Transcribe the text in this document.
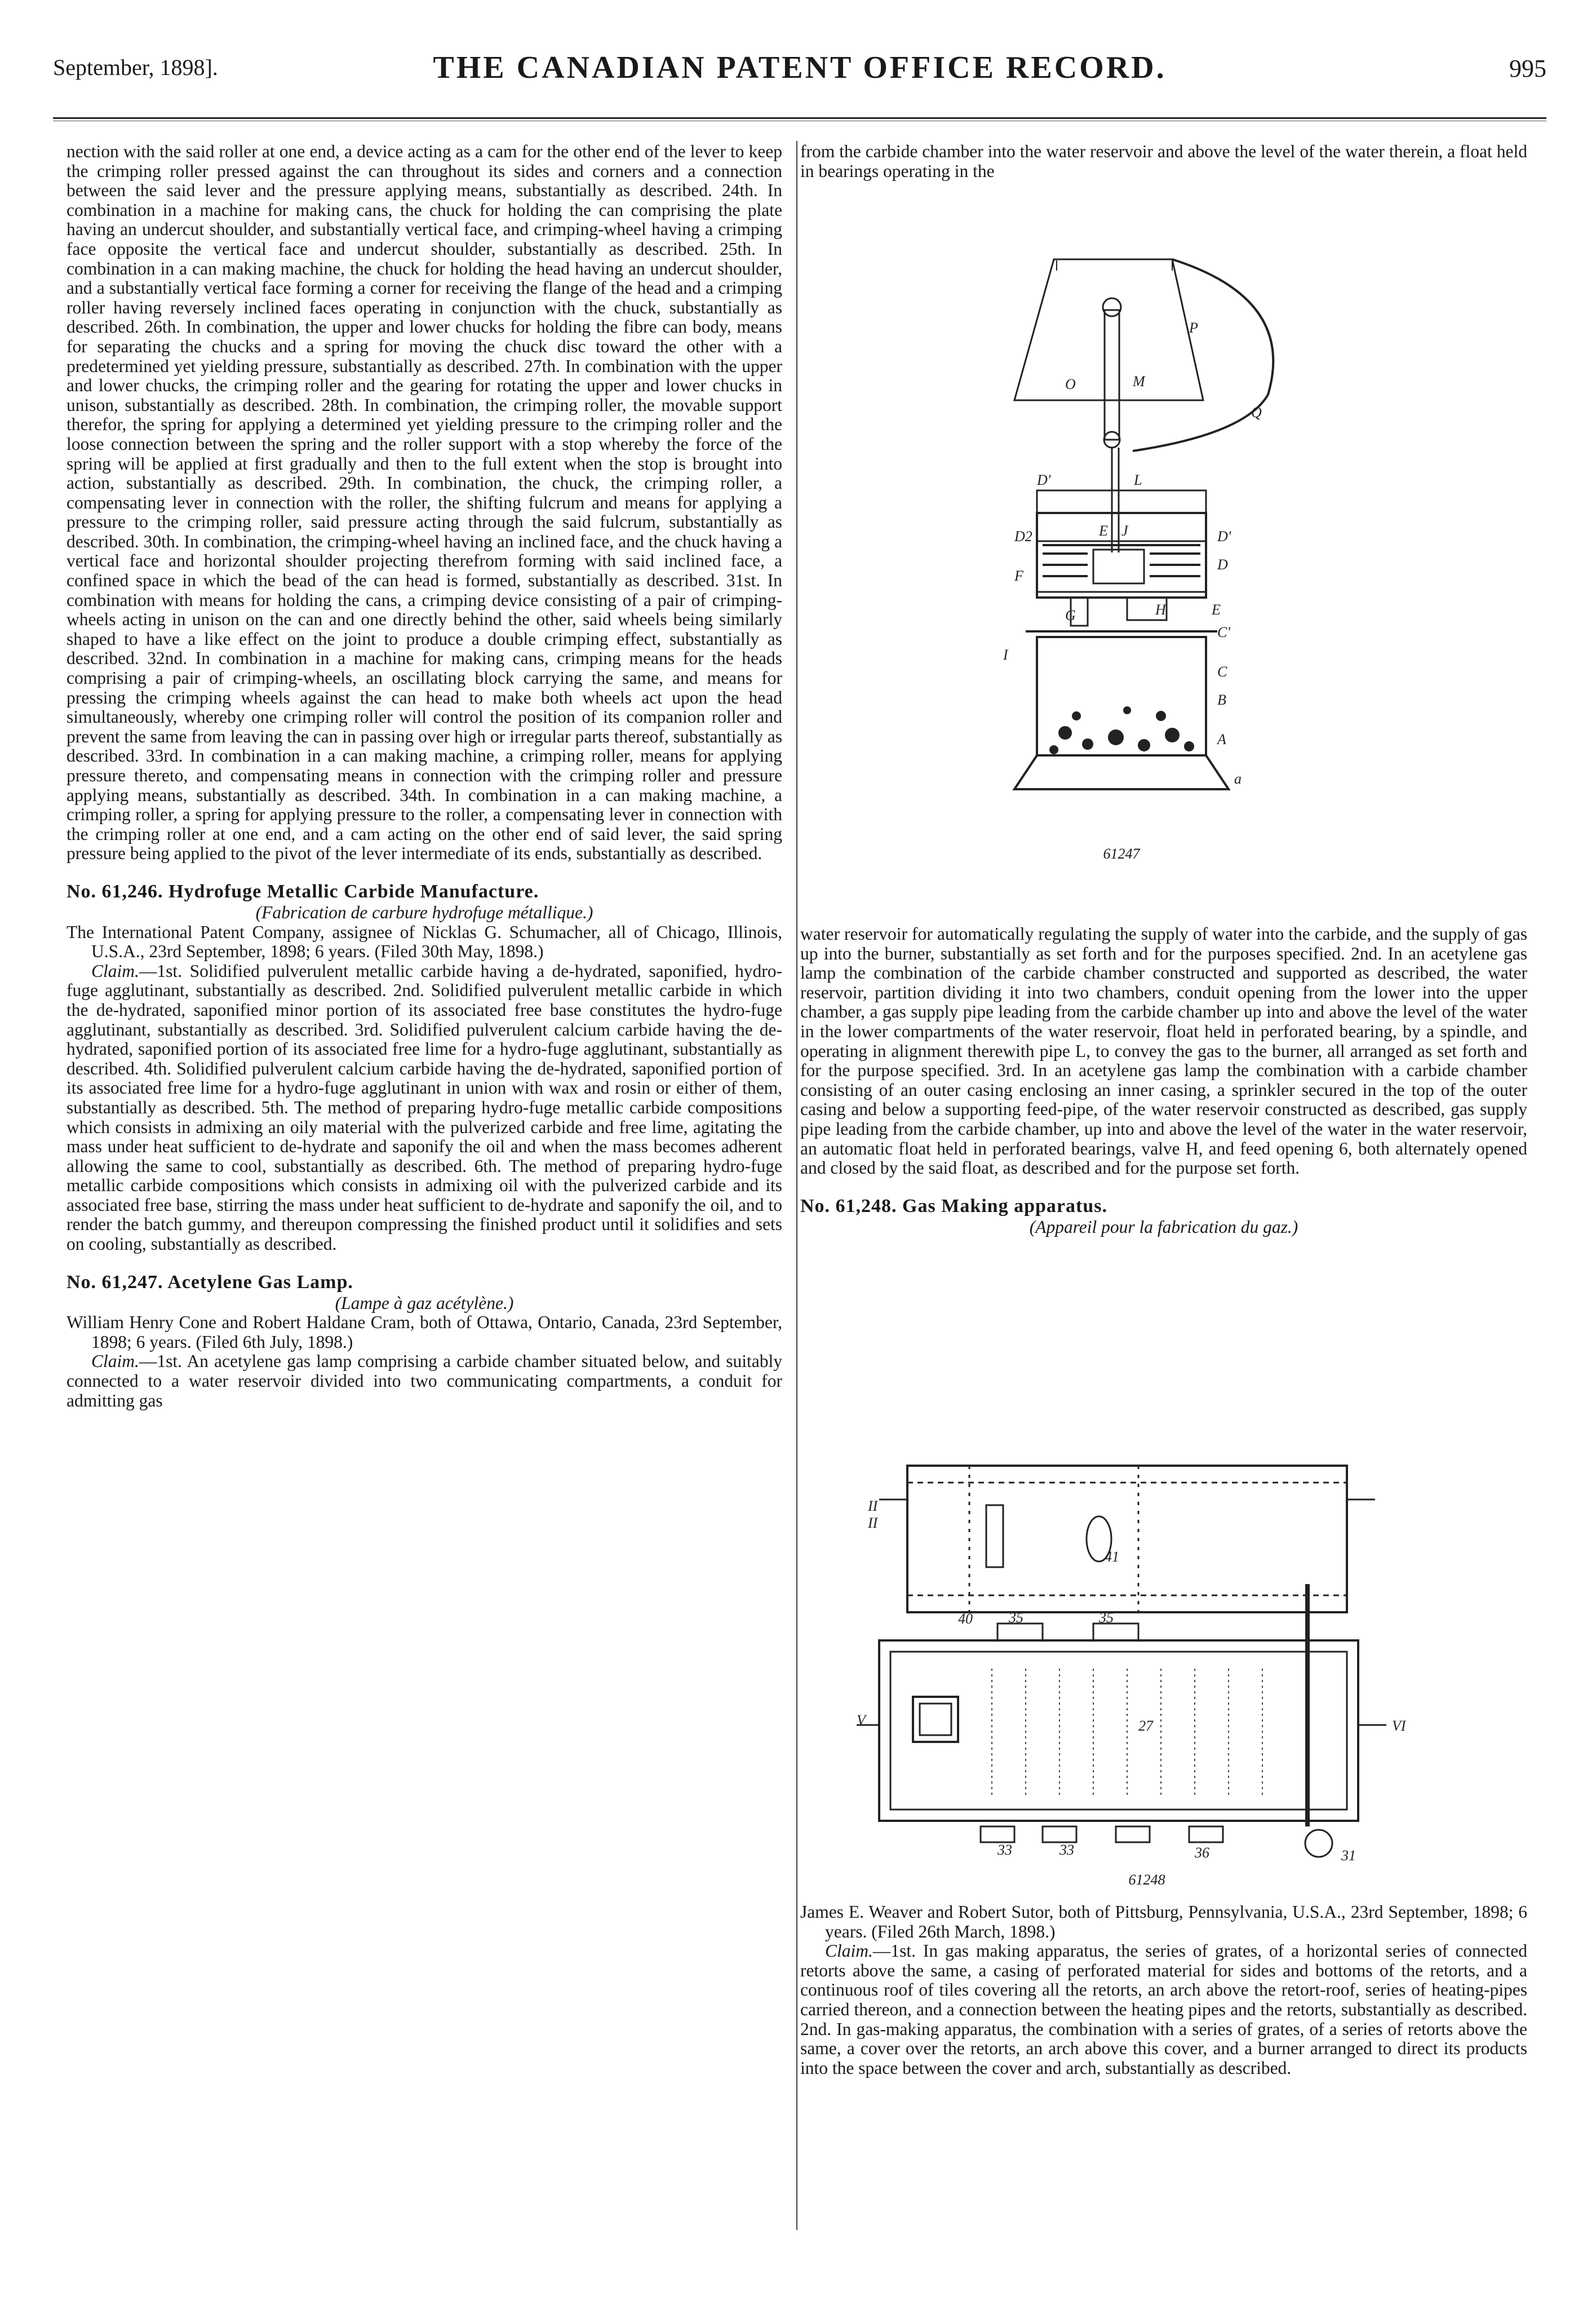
September, 1898].	THE CANADIAN PATENT OFFICE RECORD.	995

nection with the said roller at one end, a device acting as a cam for the other end of the lever to keep the crimping roller pressed against the can throughout its sides and corners and a connection between the said lever and the pressure applying means, substantially as described. 24th. In combination in a machine for making cans, the chuck for holding the can comprising the plate having an undercut shoulder, and substantially vertical face, and crimping-wheel having a crimping face opposite the vertical face and undercut shoulder, substantially as described. 25th. In combination in a can making machine, the chuck for holding the head having an undercut shoulder, and a substantially vertical face forming a corner for receiving the flange of the head and a crimping roller having reversely inclined faces operating in conjunction with the chuck, substantially as described. 26th. In combination, the upper and lower chucks for holding the fibre can body, means for separating the chucks and a spring for moving the chuck disc toward the other with a predetermined yet yielding pressure, substantially as described. 27th. In combination with the upper and lower chucks, the crimping roller and the gearing for rotating the upper and lower chucks in unison, substantially as described. 28th. In combination, the crimping roller, the movable support therefor, the spring for applying a determined yet yielding pressure to the crimping roller and the loose connection between the spring and the roller support with a stop whereby the force of the spring will be applied at first gradually and then to the full extent when the stop is brought into action, substantially as described. 29th. In combination, the chuck, the crimping roller, a compensating lever in connection with the roller, the shifting fulcrum and means for applying a pressure to the crimping roller, said pressure acting through the said fulcrum, substantially as described. 30th. In combination, the crimping-wheel having an inclined face, and the chuck having a vertical face and horizontal shoulder projecting therefrom forming with said inclined face, a confined space in which the bead of the can head is formed, substantially as described. 31st. In combination with means for holding the cans, a crimping device consisting of a pair of crimping-wheels acting in unison on the can and one directly behind the other, said wheels being similarly shaped to have a like effect on the joint to produce a double crimping effect, substantially as described. 32nd. In combination in a machine for making cans, crimping means for the heads comprising a pair of crimping-wheels, an oscillating block carrying the same, and means for pressing the crimping wheels against the can head to make both wheels act upon the head simultaneously, whereby one crimping roller will control the position of its companion roller and prevent the same from leaving the can in passing over high or irregular parts thereof, substantially as described. 33rd. In combination in a can making machine, a crimping roller, means for applying pressure thereto, and compensating means in connection with the crimping roller and pressure applying means, substantially as described. 34th. In combination in a can making machine, a crimping roller, a spring for applying pressure to the roller, a compensating lever in connection with the crimping roller at one end, and a cam acting on the other end of said lever, the said spring pressure being applied to the pivot of the lever intermediate of its ends, substantially as described.

No. 61,246. Hydrofuge Metallic Carbide Manufacture.

(Fabrication de carbure hydrofuge métallique.)

The International Patent Company, assignee of Nicklas G. Schumacher, all of Chicago, Illinois, U.S.A., 23rd September, 1898; 6 years. (Filed 30th May, 1898.)

Claim.—1st. Solidified pulverulent metallic carbide having a de-hydrated, saponified, hydro-fuge agglutinant, substantially as described. 2nd. Solidified pulverulent metallic carbide in which the de-hydrated, saponified minor portion of its associated free base constitutes the hydro-fuge agglutinant, substantially as described. 3rd. Solidified pulverulent calcium carbide having the de-hydrated, saponified portion of its associated free lime for a hydro-fuge agglutinant, substantially as described. 4th. Solidified pulverulent calcium carbide having the de-hydrated, saponified portion of its associated free lime for a hydro-fuge agglutinant in union with wax and rosin or either of them, substantially as described. 5th. The method of preparing hydro-fuge metallic carbide compositions which consists in admixing an oily material with the pulverized carbide and free lime, agitating the mass under heat sufficient to de-hydrate and saponify the oil and when the mass becomes adherent allowing the same to cool, substantially as described. 6th. The method of preparing hydro-fuge metallic carbide compositions which consists in admixing oil with the pulverized carbide and its associated free base, stirring the mass under heat sufficient to de-hydrate and saponify the oil, and to render the batch gummy, and thereupon compressing the finished product until it solidifies and sets on cooling, substantially as described.

No. 61,247. Acetylene Gas Lamp.

(Lampe à gaz acétylène.)

William Henry Cone and Robert Haldane Cram, both of Ottawa, Ontario, Canada, 23rd September, 1898; 6 years. (Filed 6th July, 1898.)

Claim.—1st. An acetylene gas lamp comprising a carbide chamber situated below, and suitably connected to a water reservoir divided into two communicating compartments, a conduit for admitting gas

from the carbide chamber into the water reservoir and above the level of the water therein, a float held in bearings operating in the

O
P
M
Q
D'	L
D2	E J	D'
F
D
G	H	E
C'
I
C
B
A
a
61247

water reservoir for automatically regulating the supply of water into the carbide, and the supply of gas up into the burner, substantially as set forth and for the purposes specified. 2nd. In an acetylene gas lamp the combination of the carbide chamber constructed and supported as described, the water reservoir, partition dividing it into two chambers, conduit opening from the lower into the upper chamber, a gas supply pipe leading from the carbide chamber up into and above the level of the water in the lower compartments of the water reservoir, float held in perforated bearing, by a spindle, and operating in alignment therewith pipe L, to convey the gas to the burner, all arranged as set forth and for the purpose specified. 3rd. In an acetylene gas lamp the combination with a carbide chamber consisting of an outer casing enclosing an inner casing, a sprinkler secured in the top of the outer casing and below a supporting feed-pipe, of the water reservoir constructed as described, gas supply pipe leading from the carbide chamber, up into and above the level of the water in the water reservoir, an automatic float held in perforated bearings, valve H, and feed opening 6, both alternately opened and closed by the said float, as described and for the purpose set forth.

No. 61,248. Gas Making apparatus.

(Appareil pour la fabrication du gaz.)

II
II
41
40 35	35
V	27	VI
33	33	36	31
61248

James E. Weaver and Robert Sutor, both of Pittsburg, Pennsylvania, U.S.A., 23rd September, 1898; 6 years. (Filed 26th March, 1898.)

Claim.—1st. In gas making apparatus, the series of grates, of a horizontal series of connected retorts above the same, a casing of perforated material for sides and bottoms of the retorts, and a continuous roof of tiles covering all the retorts, an arch above the retort-roof, series of heating-pipes carried thereon, and a connection between the heating pipes and the retorts, substantially as described. 2nd. In gas-making apparatus, the combination with a series of grates, of a series of retorts above the same, a cover over the retorts, an arch above this cover, and a burner arranged to direct its products into the space between the cover and arch, substantially as described.
